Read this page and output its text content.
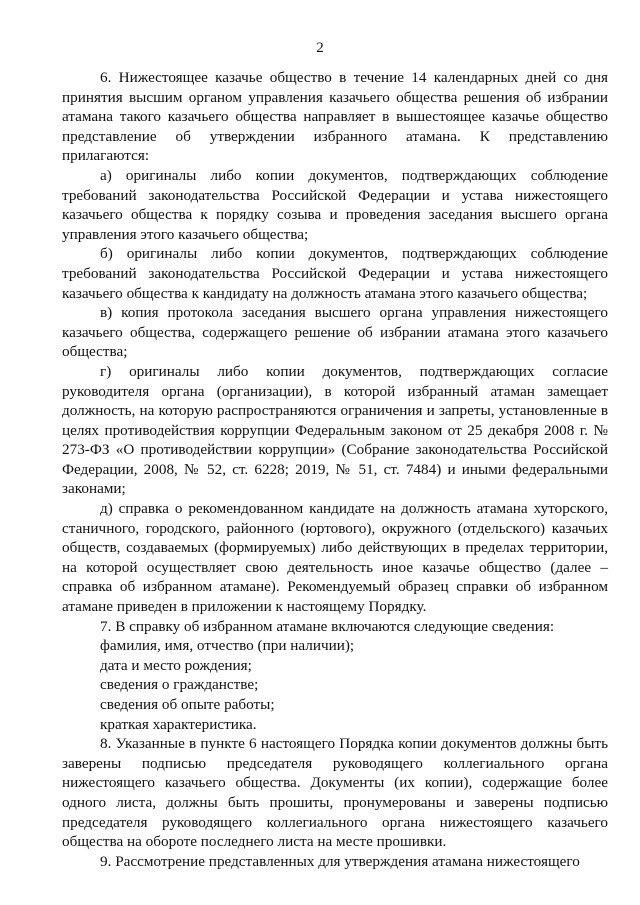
2

6. Нижестоящее казачье общество в течение 14 календарных дней со дня принятия высшим органом управления казачьего общества решения об избрании атамана такого казачьего общества направляет в вышестоящее казачье общество представление об утверждении избранного атамана. К представлению прилагаются:

а) оригиналы либо копии документов, подтверждающих соблюдение требований законодательства Российской Федерации и устава нижестоящего казачьего общества к порядку созыва и проведения заседания высшего органа управления этого казачьего общества;

б) оригиналы либо копии документов, подтверждающих соблюдение требований законодательства Российской Федерации и устава нижестоящего казачьего общества к кандидату на должность атамана этого казачьего общества;

в) копия протокола заседания высшего органа управления нижестоящего казачьего общества, содержащего решение об избрании атамана этого казачьего общества;

г) оригиналы либо копии документов, подтверждающих согласие руководителя органа (организации), в которой избранный атаман замещает должность, на которую распространяются ограничения и запреты, установленные в целях противодействия коррупции Федеральным законом от 25 декабря 2008 г. № 273-ФЗ «О противодействии коррупции» (Собрание законодательства Российской Федерации, 2008, № 52, ст. 6228; 2019, № 51, ст. 7484) и иными федеральными законами;

д) справка о рекомендованном кандидате на должность атамана хуторского, станичного, городского, районного (юртового), окружного (отдельского) казачьих обществ, создаваемых (формируемых) либо действующих в пределах территории, на которой осуществляет свою деятельность иное казачье общество (далее – справка об избранном атамане). Рекомендуемый образец справки об избранном атамане приведен в приложении к настоящему Порядку.

7. В справку об избранном атамане включаются следующие сведения:

фамилия, имя, отчество (при наличии);

дата и место рождения;

сведения о гражданстве;

сведения об опыте работы;

краткая характеристика.

8. Указанные в пункте 6 настоящего Порядка копии документов должны быть заверены подписью председателя руководящего коллегиального органа нижестоящего казачьего общества. Документы (их копии), содержащие более одного листа, должны быть прошиты, пронумерованы и заверены подписью председателя руководящего коллегиального органа нижестоящего казачьего общества на обороте последнего листа на месте прошивки.

9. Рассмотрение представленных для утверждения атамана нижестоящего
